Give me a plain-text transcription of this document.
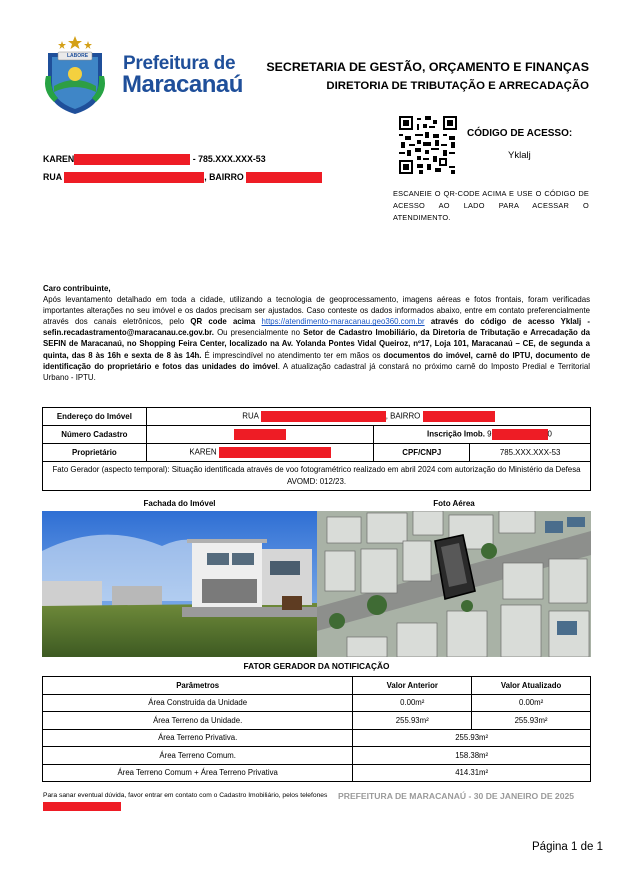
LABORE Prefeitura de
Maracanaú
SECRETARIA DE GESTÃO, ORÇAMENTO E FINANÇAS
DIRETORIA DE TRIBUTAÇÃO E ARRECADAÇÃO
CÓDIGO DE ACESSO:
Yklalj
ESCANEIE O QR-CODE ACIMA E USE O CÓDIGO DE ACESSO AO LADO PARA ACESSAR O ATENDIMENTO.
KAREN	- 785.XXX.XXX-53
RUA	, BAIRRO
Caro contribuinte,
Após levantamento detalhado em toda a cidade, utilizando a tecnologia de geoprocessamento, imagens aéreas e fotos frontais, foram verificadas importantes alterações no seu imóvel e os dados precisam ser ajustados. Caso conteste os dados informados abaixo, entre em contato preferencialmente através dos canais eletrônicos, pelo QR code acima https://atendimento-maracanau.geo360.com.br através do código de acesso Yklalj - sefin.recadastramento@maracanau.ce.gov.br. Ou presencialmente no Setor de Cadastro Imobiliário, da Diretoria de Tributação e Arrecadação da SEFIN de Maracanaú, no Shopping Feira Center, localizado na Av. Yolanda Pontes Vidal Queiroz, nº17, Loja 101, Maracanaú – CE, de segunda a quinta, das 8 às 16h e sexta de 8 às 14h. É imprescindível no atendimento ter em mãos os documentos do imóvel, carnê do IPTU, documento de identificação do proprietário e fotos das unidades do imóvel. A atualização cadastral já constará no próximo carnê do Imposto Predial e Territorial Urbano - IPTU.
Endereço do Imóvel	RUA , BAIRRO		
Número Cadastro		Inscrição Imob. 9 0	
Proprietário	KAREN	CPF/CNPJ	785.XXX.XXX-53
Fato Gerador (aspecto temporal): Situação identificada através de voo fotogramétrico realizado em abril 2024 com autorização do Ministério da Defesa AVOMD: 012/23.			
Fachada do Imóvel	Foto Aérea
FATOR GERADOR DA NOTIFICAÇÃO
Parâmetros	Valor Anterior	Valor Atualizado
Área Construída da Unidade	0.00m²	0.00m²
Área Terreno da Unidade.	255.93m²	255.93m²
Área Terreno Privativa.	255.93m²	
Área Terreno Comum.	158.38m²	
Área Terreno Comum + Área Terreno Privativa	414.31m²	
Para sanar eventual dúvida, favor entrar em contato com o Cadastro Imobiliário, pelos telefones	PREFEITURA DE MARACANAÚ - 30 DE JANEIRO DE 2025
Página 1 de 1
